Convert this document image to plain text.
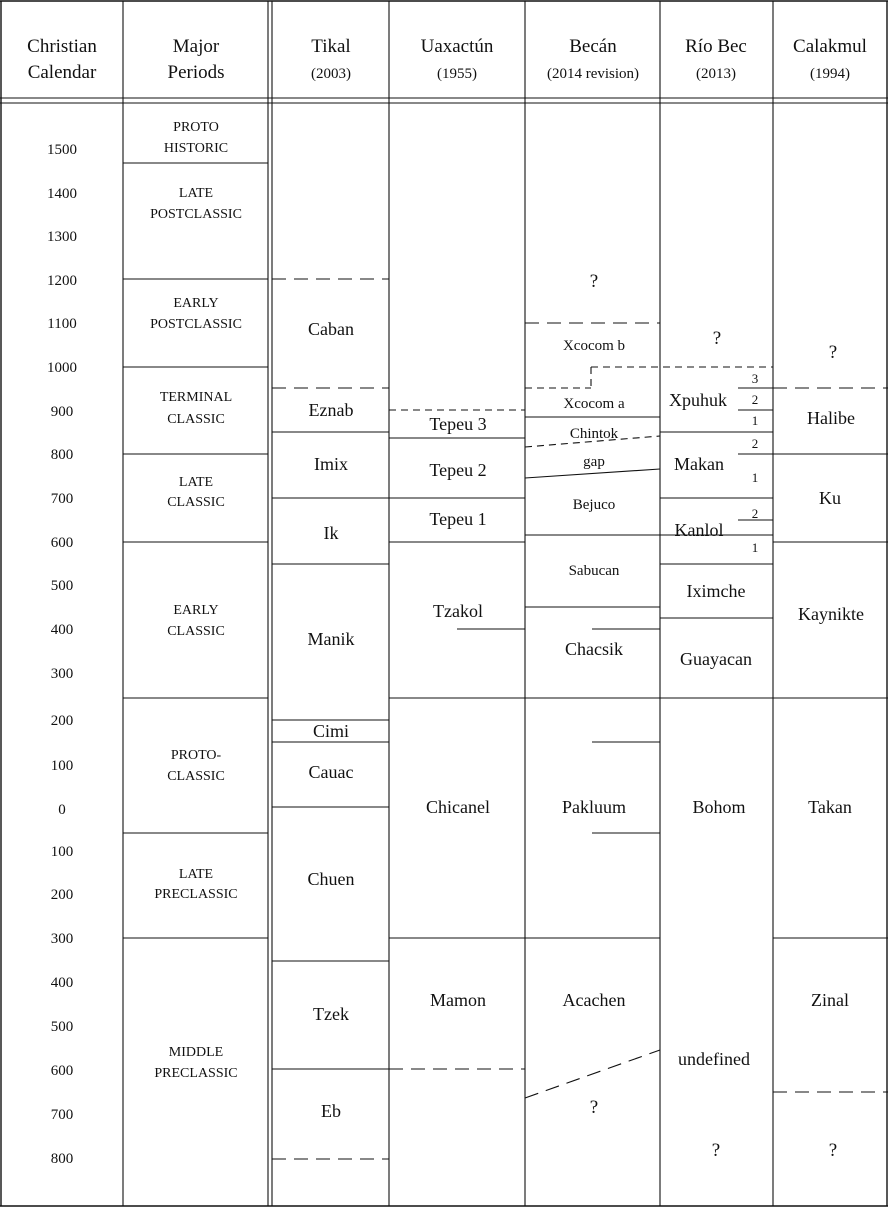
Christian
Calendar
Major
Periods
Tikal
(2003)
Uaxactún
(1955)
Becán
(2014 revision)
Río Bec
(2013)
Calakmul
(1994)
1500
1400
1300
1200
1100
1000
900
800
700
600
500
400
300
200
100
0
100
200
300
400
500
600
700
800
PROTO
HISTORIC
LATE
POSTCLASSIC
EARLY
POSTCLASSIC
TERMINAL
CLASSIC
LATE
CLASSIC
EARLY
CLASSIC
PROTO-
CLASSIC
LATE
PRECLASSIC
MIDDLE
PRECLASSIC
Caban
Eznab
Imix
Ik
Manik
Cimi
Cauac
Chuen
Tzek
Eb
Tepeu 3
Tepeu 2
Tepeu 1
Tzakol
Chicanel
Mamon
?
Xcocom b
Xcocom a
Chintok
gap
Bejuco
Sabucan
Chacsik
Pakluum
Acachen
?
?
Xpuhuk
Makan
Kanlol
Iximche
Guayacan
Bohom
undefined
?
3
2
1
2
1
2
1
?
Halibe
Ku
Kaynikte
Takan
Zinal
?
